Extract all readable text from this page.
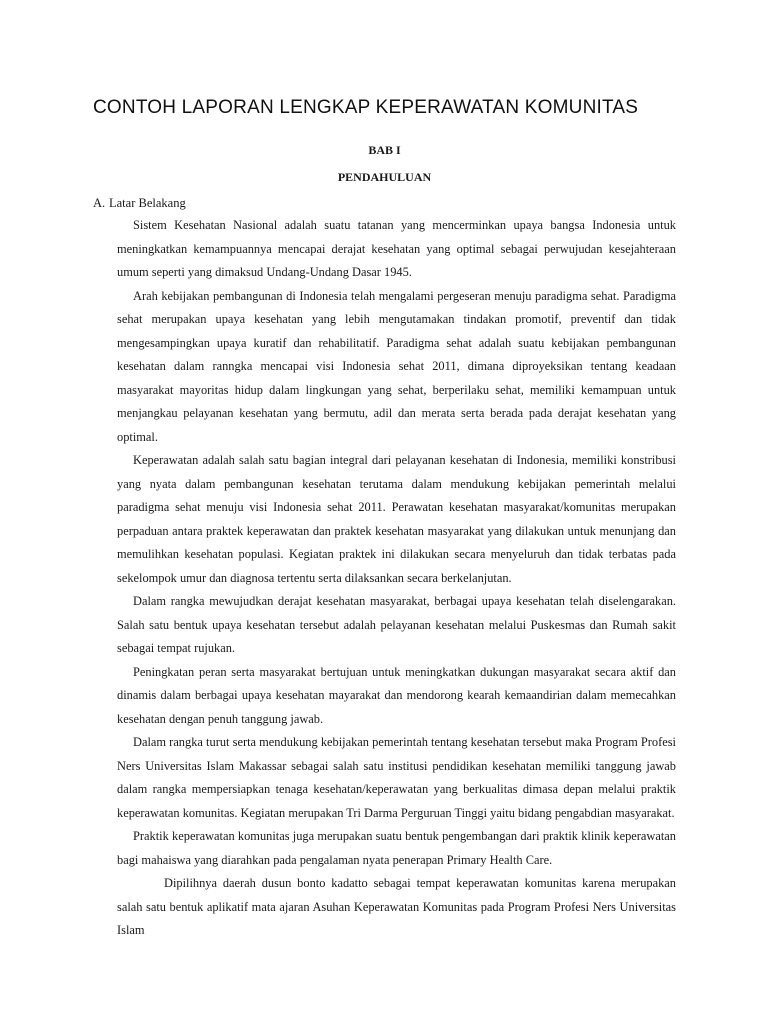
CONTOH LAPORAN LENGKAP KEPERAWATAN KOMUNITAS
BAB I
PENDAHULUAN
A. Latar Belakang

Sistem Kesehatan Nasional adalah suatu tatanan yang mencerminkan upaya bangsa Indonesia untuk meningkatkan kemampuannya mencapai derajat kesehatan yang optimal sebagai perwujudan kesejahteraan umum seperti yang dimaksud Undang-Undang Dasar 1945.

Arah kebijakan pembangunan di Indonesia telah mengalami pergeseran menuju paradigma sehat. Paradigma sehat merupakan upaya kesehatan yang lebih mengutamakan tindakan promotif, preventif dan tidak mengesampingkan upaya kuratif dan rehabilitatif. Paradigma sehat adalah suatu kebijakan pembangunan kesehatan dalam ranngka mencapai visi Indonesia sehat 2011, dimana diproyeksikan tentang keadaan masyarakat mayoritas hidup dalam lingkungan yang sehat, berperilaku sehat, memiliki kemampuan untuk menjangkau pelayanan kesehatan yang bermutu, adil dan merata serta berada pada derajat kesehatan yang optimal.

Keperawatan adalah salah satu bagian integral dari pelayanan kesehatan di Indonesia, memiliki konstribusi yang nyata dalam pembangunan kesehatan terutama dalam mendukung kebijakan pemerintah melalui paradigma sehat menuju visi Indonesia sehat 2011. Perawatan kesehatan masyarakat/komunitas merupakan perpaduan antara praktek keperawatan dan praktek kesehatan masyarakat yang dilakukan untuk menunjang dan memulihkan kesehatan populasi. Kegiatan praktek ini dilakukan secara menyeluruh dan tidak terbatas pada sekelompok umur dan diagnosa tertentu serta dilaksankan secara berkelanjutan.

Dalam rangka mewujudkan derajat kesehatan masyarakat, berbagai upaya kesehatan telah diselengarakan. Salah satu bentuk upaya kesehatan tersebut adalah pelayanan kesehatan melalui Puskesmas dan Rumah sakit sebagai tempat rujukan.

Peningkatan peran serta masyarakat bertujuan untuk meningkatkan dukungan masyarakat secara aktif dan dinamis dalam berbagai upaya kesehatan mayarakat dan mendorong kearah kemaandirian dalam memecahkan kesehatan dengan penuh tanggung jawab.

Dalam rangka turut serta mendukung kebijakan pemerintah tentang kesehatan tersebut maka Program Profesi Ners Universitas Islam Makassar sebagai salah satu institusi pendidikan kesehatan memiliki tanggung jawab dalam rangka mempersiapkan tenaga kesehatan/keperawatan yang berkualitas dimasa depan melalui praktik keperawatan komunitas. Kegiatan merupakan Tri Darma Perguruan Tinggi yaitu bidang pengabdian masyarakat.

Praktik keperawatan komunitas juga merupakan suatu bentuk pengembangan dari praktik klinik keperawatan bagi mahaiswa yang diarahkan pada pengalaman nyata penerapan Primary Health Care.

Dipilihnya daerah dusun bonto kadatto sebagai tempat keperawatan komunitas karena merupakan salah satu bentuk aplikatif mata ajaran Asuhan Keperawatan Komunitas pada Program Profesi Ners Universitas Islam
